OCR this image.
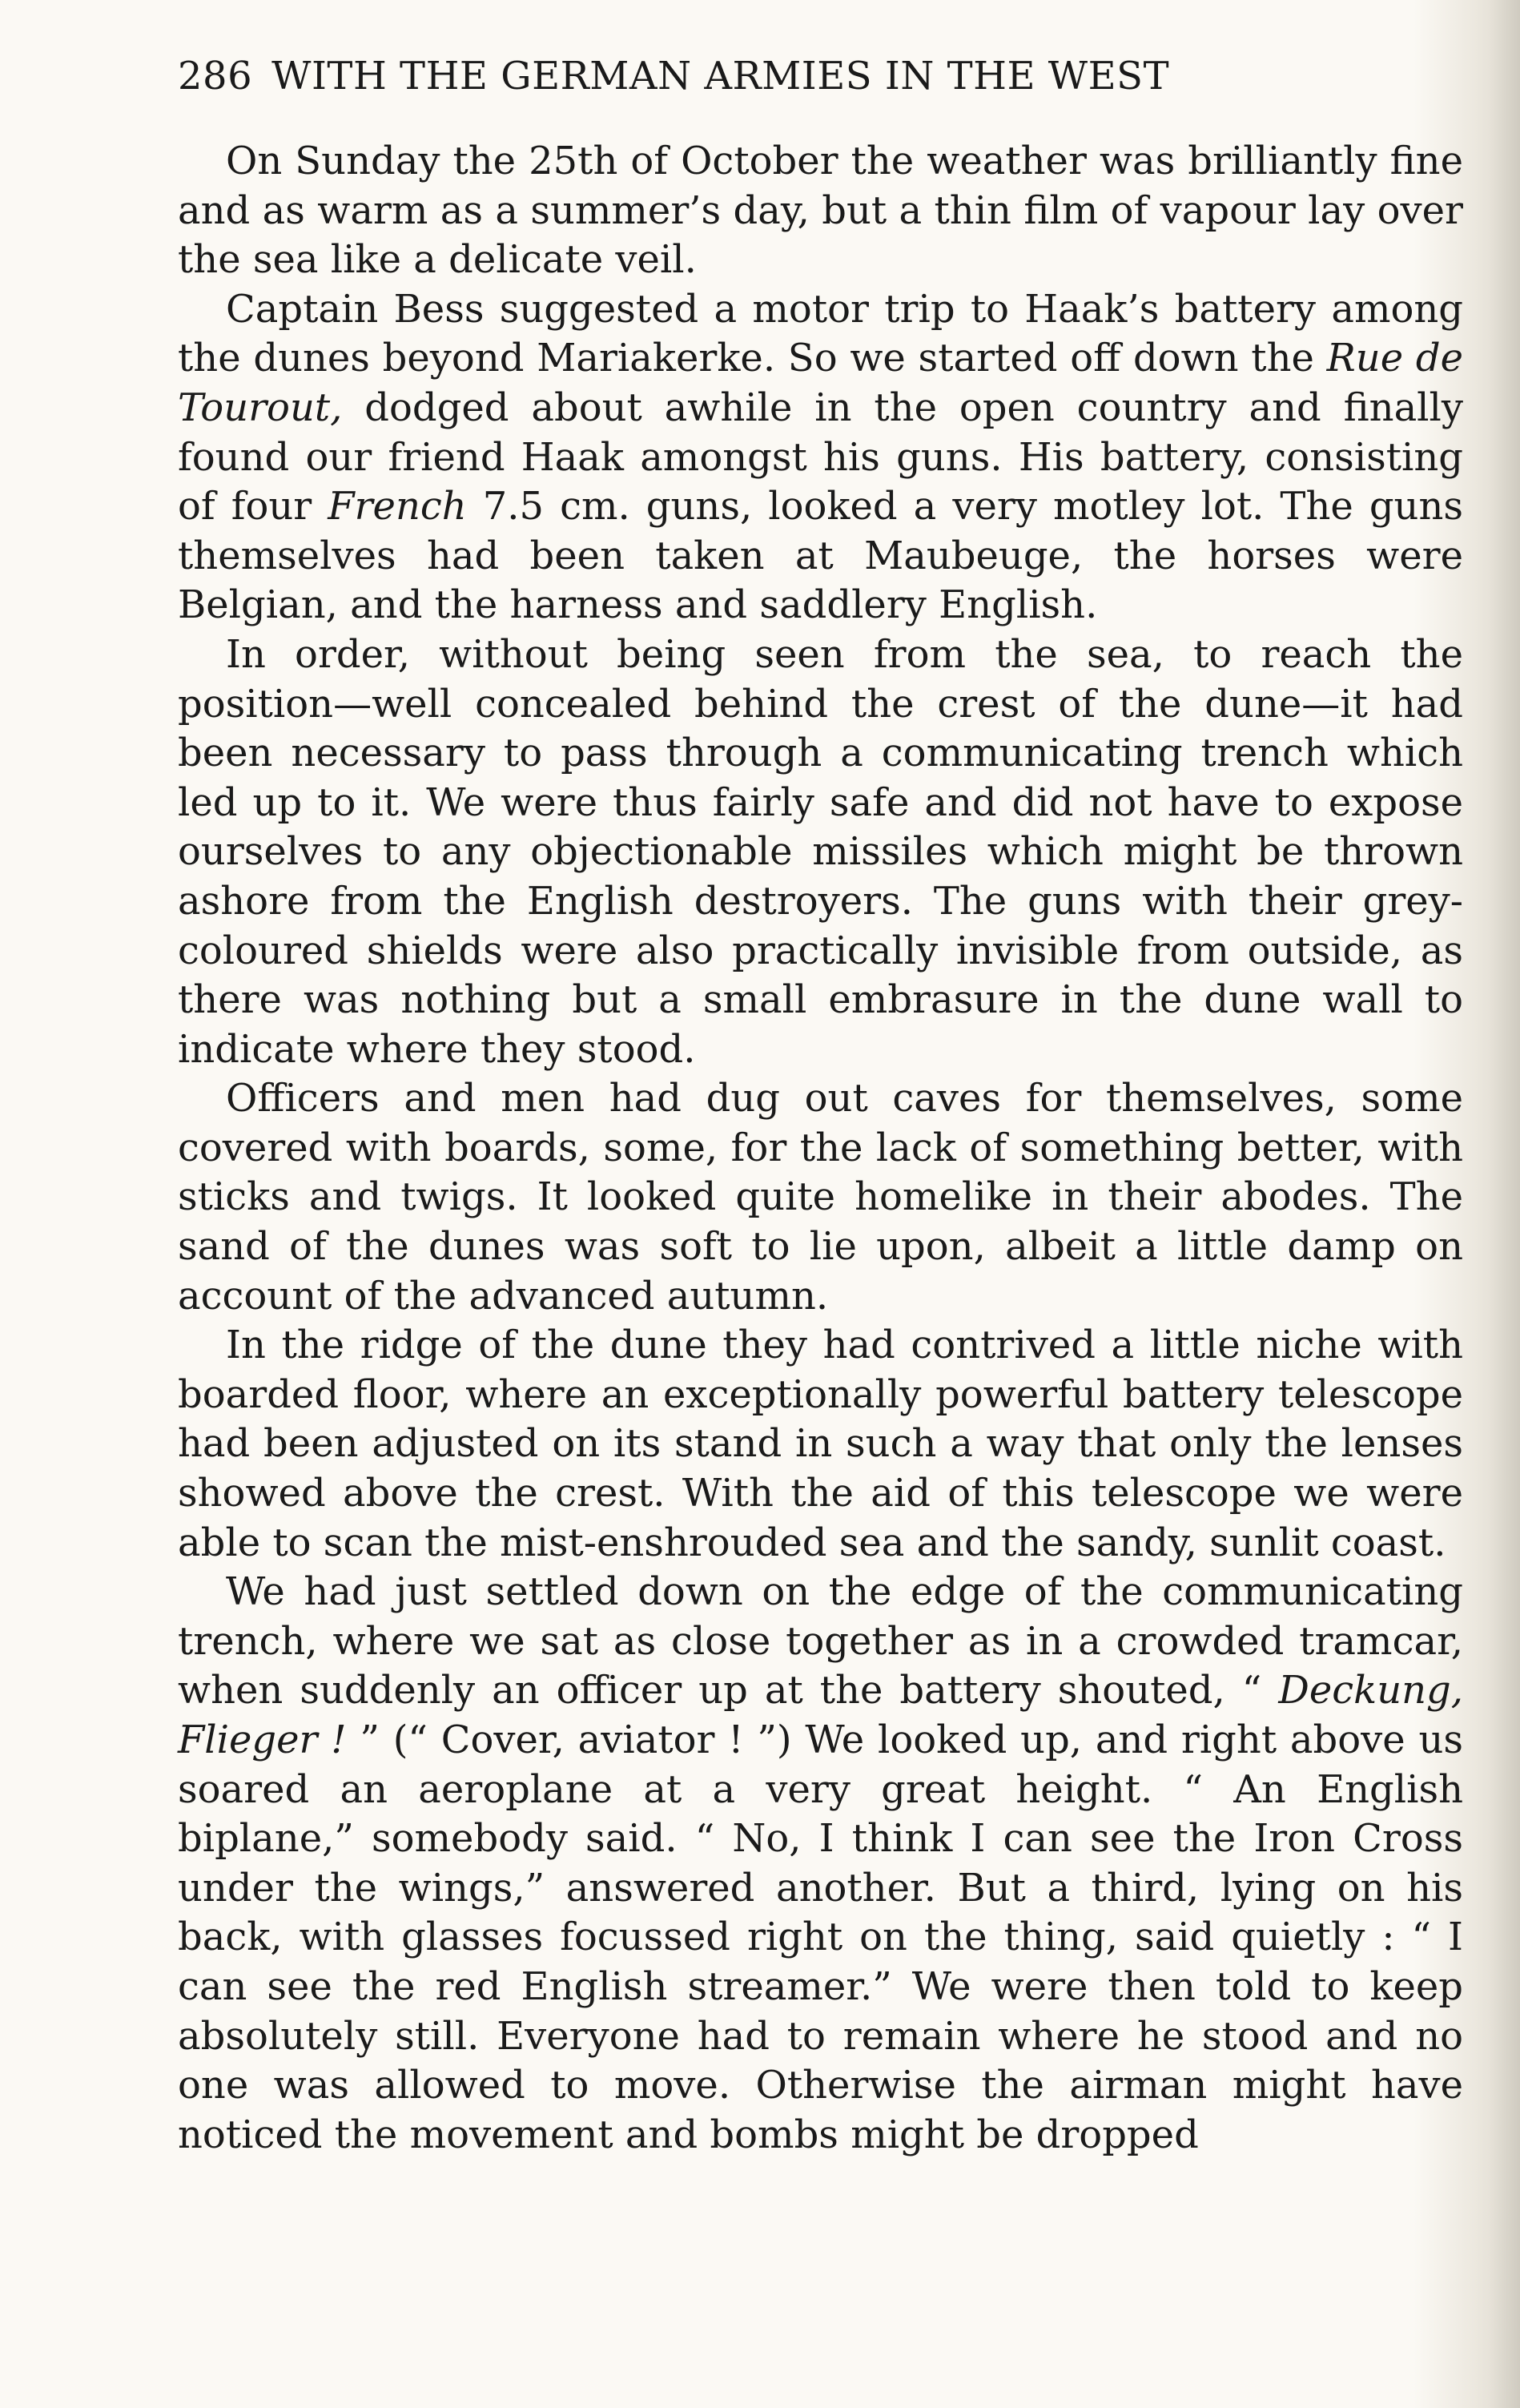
286 WITH THE GERMAN ARMIES IN THE WEST

On Sunday the 25th of October the weather was brilliantly fine and as warm as a summer’s day, but a thin film of vapour lay over the sea like a delicate veil.

Captain Bess suggested a motor trip to Haak’s battery among the dunes beyond Mariakerke. So we started off down the Rue de Tourout, dodged about awhile in the open country and finally found our friend Haak amongst his guns. His battery, consisting of four French 7.5 cm. guns, looked a very motley lot. The guns themselves had been taken at Maubeuge, the horses were Belgian, and the harness and saddlery English.

In order, without being seen from the sea, to reach the position—well concealed behind the crest of the dune—it had been necessary to pass through a communicating trench which led up to it. We were thus fairly safe and did not have to expose ourselves to any objectionable missiles which might be thrown ashore from the English destroyers. The guns with their grey-coloured shields were also practically invisible from outside, as there was nothing but a small embrasure in the dune wall to indicate where they stood.

Officers and men had dug out caves for themselves, some covered with boards, some, for the lack of something better, with sticks and twigs. It looked quite homelike in their abodes. The sand of the dunes was soft to lie upon, albeit a little damp on account of the advanced autumn.

In the ridge of the dune they had contrived a little niche with boarded floor, where an exceptionally powerful battery telescope had been adjusted on its stand in such a way that only the lenses showed above the crest. With the aid of this telescope we were able to scan the mist-enshrouded sea and the sandy, sunlit coast.

We had just settled down on the edge of the communicating trench, where we sat as close together as in a crowded tramcar, when suddenly an officer up at the battery shouted, “ Deckung, Flieger ! ” (“ Cover, aviator ! ”) We looked up, and right above us soared an aeroplane at a very great height. “ An English biplane,” somebody said. “ No, I think I can see the Iron Cross under the wings,” answered another. But a third, lying on his back, with glasses focussed right on the thing, said quietly : “ I can see the red English streamer.” We were then told to keep absolutely still. Everyone had to remain where he stood and no one was allowed to move. Otherwise the airman might have noticed the movement and bombs might be dropped
